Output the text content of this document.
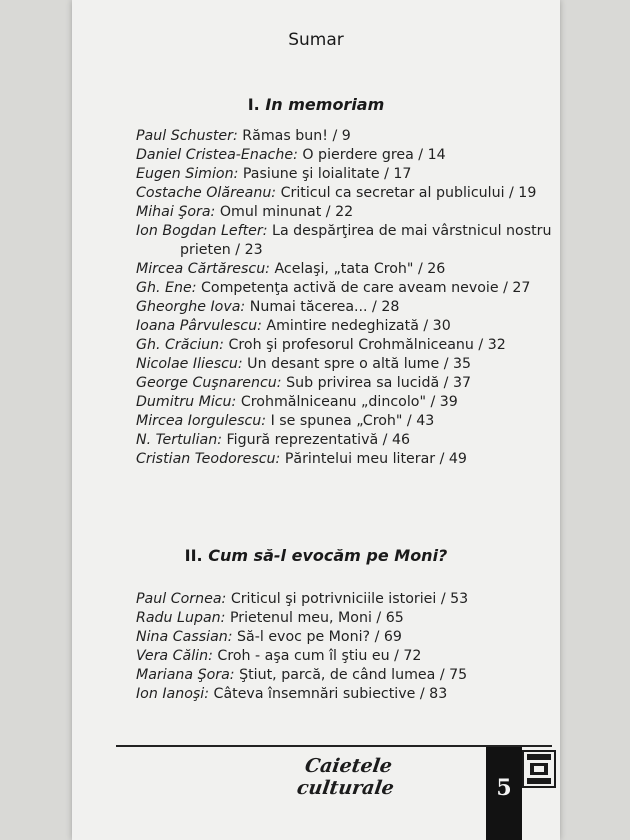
Sumar
I. In memoriam
Paul Schuster: Rămas bun! / 9
Daniel Cristea-Enache: O pierdere grea / 14
Eugen Simion: Pasiune şi loialitate / 17
Costache Olăreanu: Criticul ca secretar al publicului / 19
Mihai Şora: Omul minunat / 22
Ion Bogdan Lefter: La despărţirea de mai vârstnicul nostru
prieten / 23
Mircea Cărtărescu: Acelaşi, „tata Croh" / 26
Gh. Ene: Competenţa activă de care aveam nevoie / 27
Gheorghe Iova: Numai tăcerea... / 28
Ioana Pârvulescu: Amintire nedeghizată / 30
Gh. Crăciun: Croh şi profesorul Crohmălniceanu / 32
Nicolae Iliescu: Un desant spre o altă lume / 35
George Cuşnarencu: Sub privirea sa lucidă / 37
Dumitru Micu: Crohmălniceanu „dincolo" / 39
Mircea Iorgulescu: I se spunea „Croh" / 43
N. Tertulian: Figură reprezentativă / 46
Cristian Teodorescu: Părintelui meu literar / 49
II. Cum să-l evocăm pe Moni?
Paul Cornea: Criticul şi potrivniciile istoriei / 53
Radu Lupan: Prietenul meu, Moni / 65
Nina Cassian: Să-l evoc pe Moni? / 69
Vera Călin: Croh - aşa cum îl ştiu eu / 72
Mariana Şora: Ştiut, parcă, de când lumea / 75
Ion Ianoşi: Câteva însemnări subiective / 83
Caietele
culturale	5
